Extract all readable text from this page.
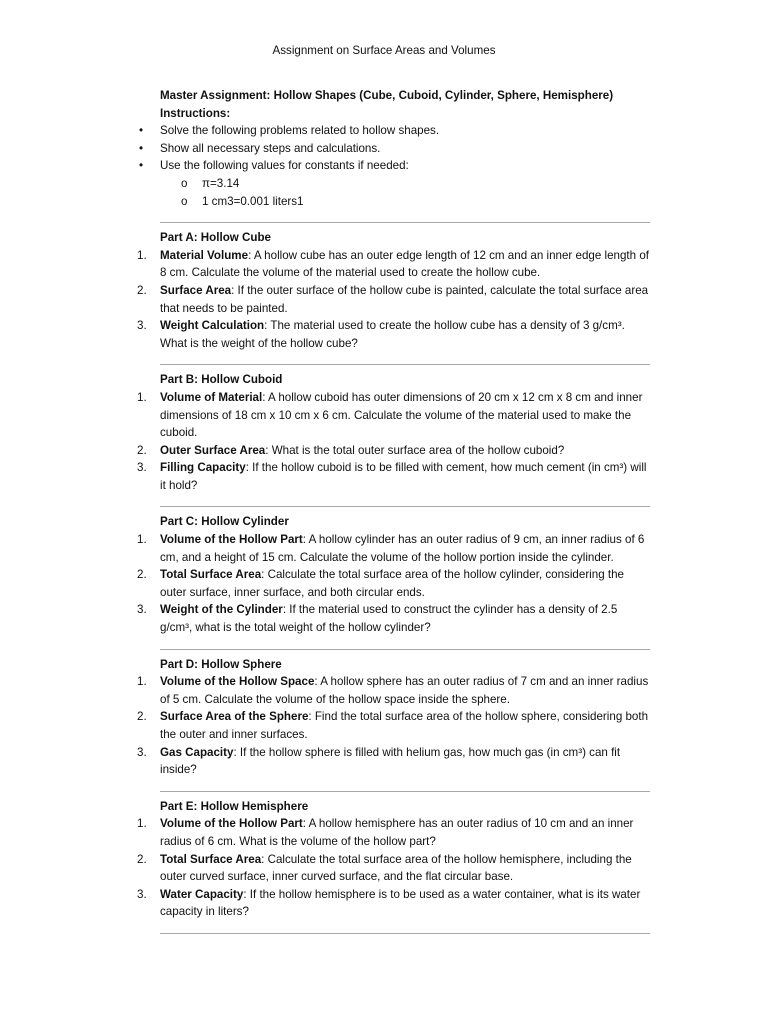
Assignment on Surface Areas and Volumes
Master Assignment: Hollow Shapes (Cube, Cuboid, Cylinder, Sphere, Hemisphere)
Instructions:
• Solve the following problems related to hollow shapes.
• Show all necessary steps and calculations.
• Use the following values for constants if needed:
o π=3.14
o 1 cm3=0.001 liters1
Part A: Hollow Cube
1. Material Volume: A hollow cube has an outer edge length of 12 cm and an inner edge length of 8 cm. Calculate the volume of the material used to create the hollow cube.
2. Surface Area: If the outer surface of the hollow cube is painted, calculate the total surface area that needs to be painted.
3. Weight Calculation: The material used to create the hollow cube has a density of 3 g/cm³. What is the weight of the hollow cube?
Part B: Hollow Cuboid
1. Volume of Material: A hollow cuboid has outer dimensions of 20 cm x 12 cm x 8 cm and inner dimensions of 18 cm x 10 cm x 6 cm. Calculate the volume of the material used to make the cuboid.
2. Outer Surface Area: What is the total outer surface area of the hollow cuboid?
3. Filling Capacity: If the hollow cuboid is to be filled with cement, how much cement (in cm³) will it hold?
Part C: Hollow Cylinder
1. Volume of the Hollow Part: A hollow cylinder has an outer radius of 9 cm, an inner radius of 6 cm, and a height of 15 cm. Calculate the volume of the hollow portion inside the cylinder.
2. Total Surface Area: Calculate the total surface area of the hollow cylinder, considering the outer surface, inner surface, and both circular ends.
3. Weight of the Cylinder: If the material used to construct the cylinder has a density of 2.5 g/cm³, what is the total weight of the hollow cylinder?
Part D: Hollow Sphere
1. Volume of the Hollow Space: A hollow sphere has an outer radius of 7 cm and an inner radius of 5 cm. Calculate the volume of the hollow space inside the sphere.
2. Surface Area of the Sphere: Find the total surface area of the hollow sphere, considering both the outer and inner surfaces.
3. Gas Capacity: If the hollow sphere is filled with helium gas, how much gas (in cm³) can fit inside?
Part E: Hollow Hemisphere
1. Volume of the Hollow Part: A hollow hemisphere has an outer radius of 10 cm and an inner radius of 6 cm. What is the volume of the hollow part?
2. Total Surface Area: Calculate the total surface area of the hollow hemisphere, including the outer curved surface, inner curved surface, and the flat circular base.
3. Water Capacity: If the hollow hemisphere is to be used as a water container, what is its water capacity in liters?
